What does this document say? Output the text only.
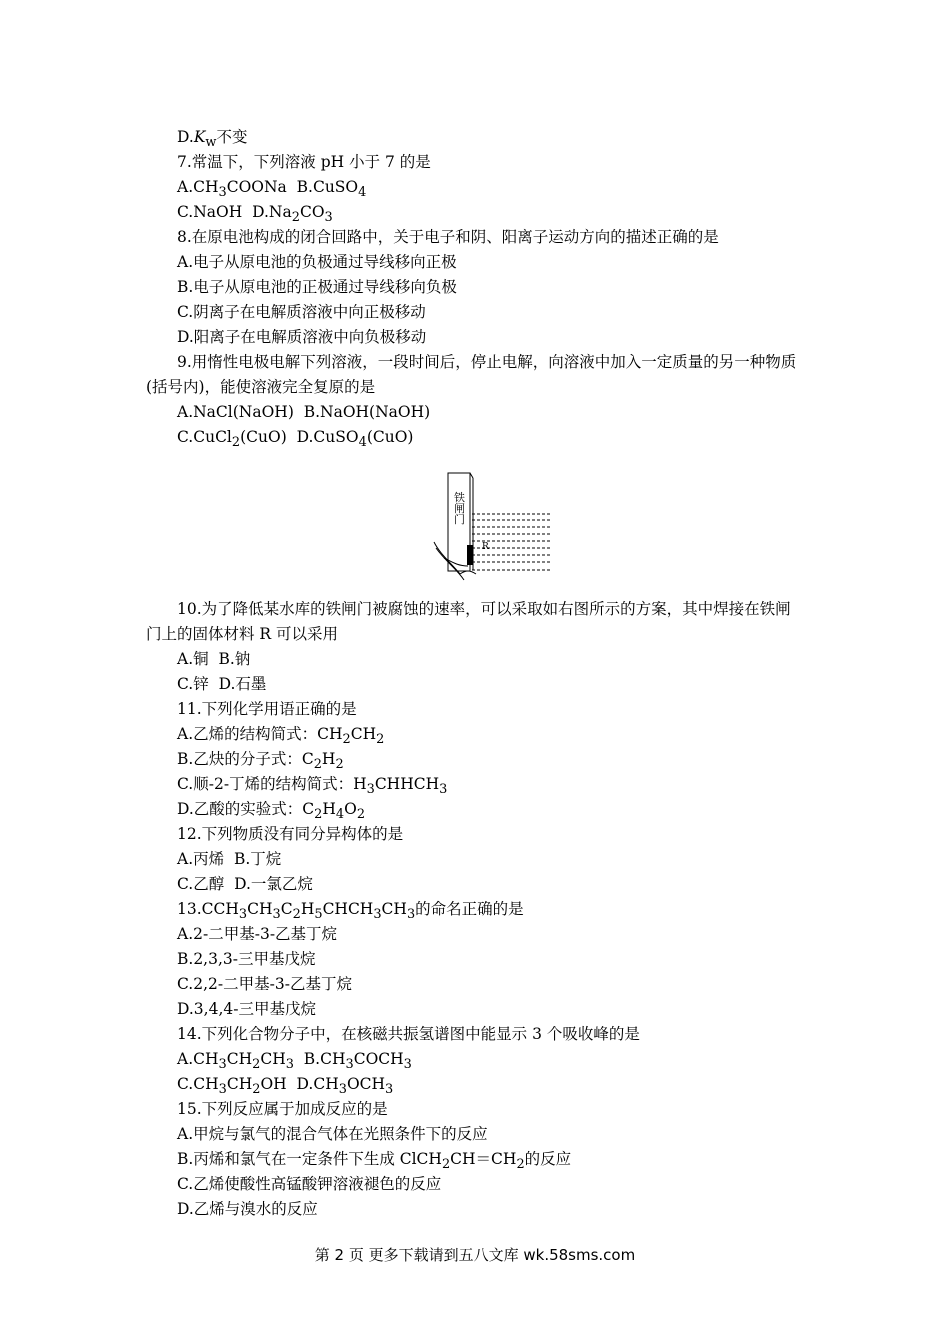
$D.K_w$不变
7.常温下，下列溶液 pH 小于 7 的是
$A.CH_3COONa$  B.CuSO$_4$
C.NaOH  $D.Na_2CO_3$
8.在原电池构成的闭合回路中，关于电子和阴、阳离子运动方向的描述正确的是
A.电子从原电池的负极通过导线移向正极
B.电子从原电池的正极通过导线移向负极
C.阴离子在电解质溶液中向正极移动
D.阳离子在电解质溶液中向负极移动
9.用惰性电极电解下列溶液，一段时间后，停止电解，向溶液中加入一定质量的另一种物质(括号内)，能使溶液完全复原的是
A.NaCl(NaOH)  B.NaOH(NaOH)
C.CuCl$_2$(CuO)  D.CuSO$_4$(CuO)
10.为了降低某水库的铁闸门被腐蚀的速率，可以采取如右图所示的方案，其中焊接在铁闸门上的固体材料 R 可以采用
A.铜  B.钠
C.锌  D.石墨
11.下列化学用语正确的是
A.乙烯的结构简式：$CH_2CH_2$
B.乙炔的分子式：$C_2H_2$
C.顺-2-丁烯的结构简式：$H_3CHHCH_3$
D.乙酸的实验式：$C_2H_4O_2$
12.下列物质没有同分异构体的是
A.丙烯  B.丁烷
C.乙醇  D.一氯乙烷
$13.CCH_3CH_3C_2H_5CHCH_3CH_3$的命名正确的是
A.2-二甲基-3-乙基丁烷
B.2,3,3-三甲基戊烷
C.2,2-二甲基-3-乙基丁烷
D.3,4,4-三甲基戊烷
14.下列化合物分子中，在核磁共振氢谱图中能显示 3 个吸收峰的是
$A.CH_3CH_2CH_3$  $B.CH_3COCH_3$
$C.CH_3CH_2OH$  $D.CH_3OCH_3$
15.下列反应属于加成反应的是
A.甲烷与氯气的混合气体在光照条件下的反应
B.丙烯和氯气在一定条件下生成 $ClCH_2CH=CH_2$的反应
C.乙烯使酸性高锰酸钾溶液褪色的反应
D.乙烯与溴水的反应
铁闸门
R
第 2 页 更多下载请到五八文库 wk.58sms.com
